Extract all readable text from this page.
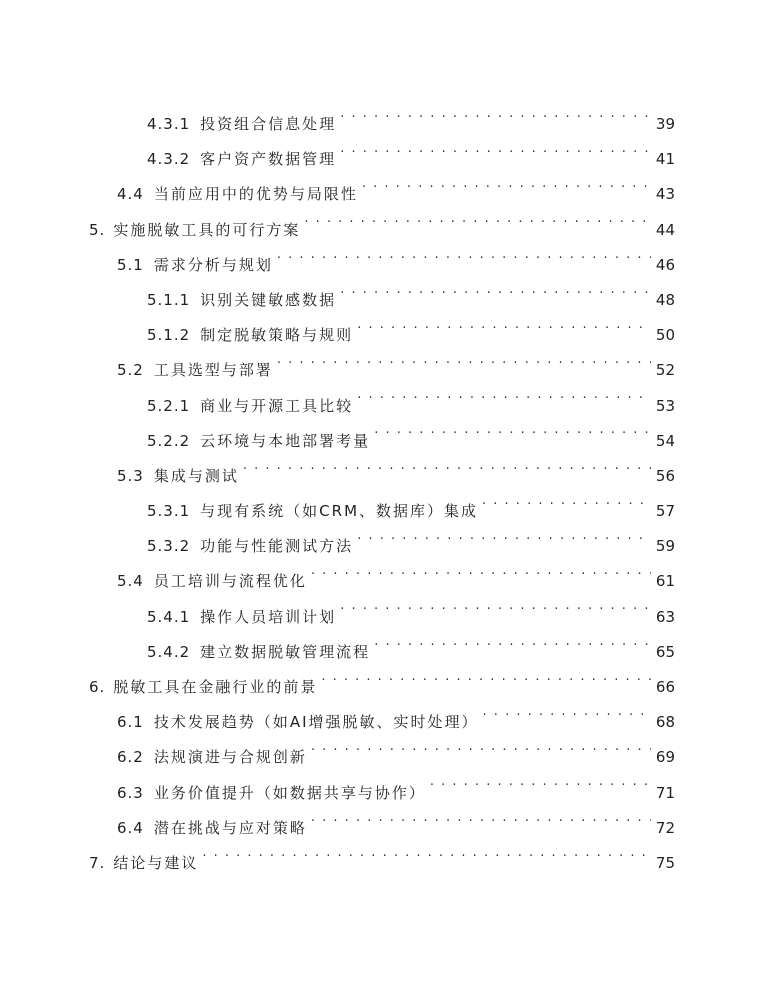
4.3.1 投资组合信息处理 . . .	39
4.3.2 客户资产数据管理 . . .	41
4.4 当前应用中的优势与局限性 . . .	43
5. 实施脱敏工具的可行方案 . . .	44
5.1 需求分析与规划 . . .	46
5.1.1 识别关键敏感数据 . . .	48
5.1.2 制定脱敏策略与规则 . . .	50
5.2 工具选型与部署 . . .	52
5.2.1 商业与开源工具比较 . . .	53
5.2.2 云环境与本地部署考量 . . .	54
5.3 集成与测试 . . .	56
5.3.1 与现有系统（如CRM、数据库）集成 . . .	57
5.3.2 功能与性能测试方法 . . .	59
5.4 员工培训与流程优化 . . .	61
5.4.1 操作人员培训计划 . . .	63
5.4.2 建立数据脱敏管理流程 . . .	65
6. 脱敏工具在金融行业的前景 . . .	66
6.1 技术发展趋势（如AI增强脱敏、实时处理） . . .	68
6.2 法规演进与合规创新 . . .	69
6.3 业务价值提升（如数据共享与协作） . . .	71
6.4 潜在挑战与应对策略 . . .	72
7. 结论与建议 . . .	75
